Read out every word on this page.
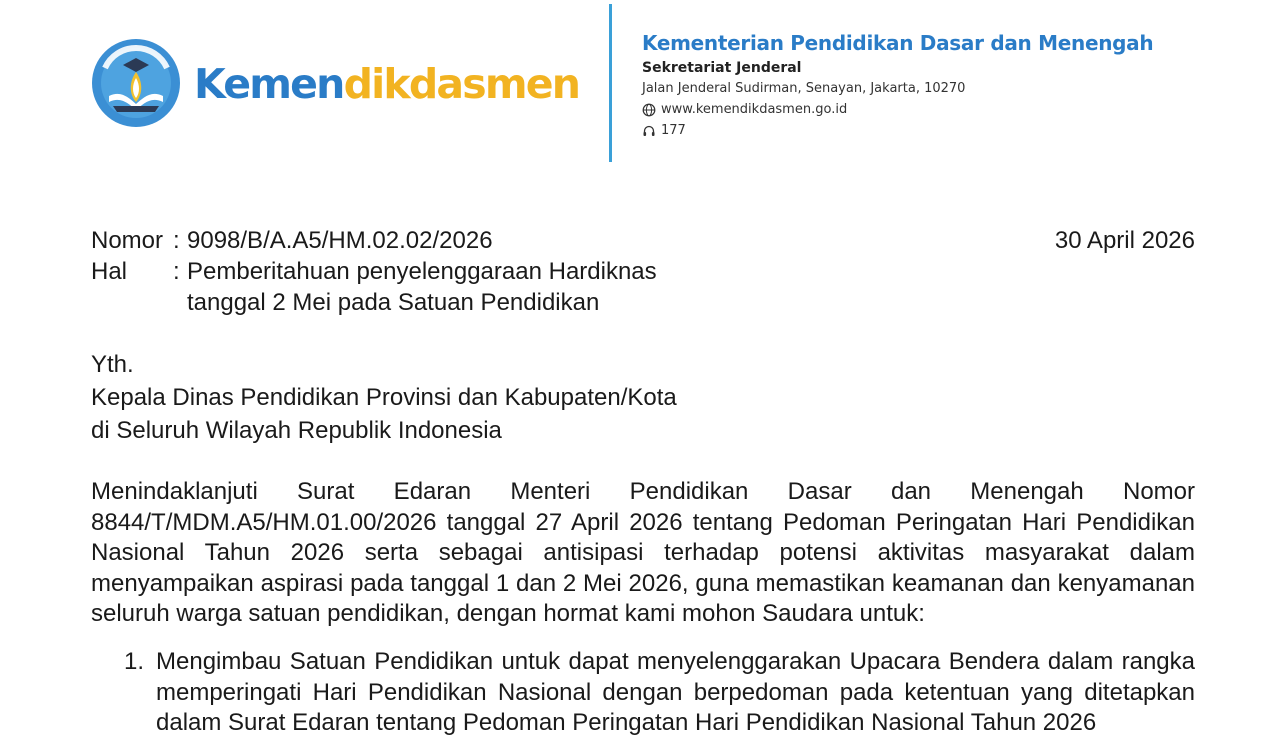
Kemendikdasmen
Kementerian Pendidikan Dasar dan Menengah
Sekretariat Jenderal
Jalan Jenderal Sudirman, Senayan, Jakarta, 10270
www.kemendikdasmen.go.id
177
Nomor : 9098/B/A.A5/HM.02.02/2026	30 April 2026
Hal : Pemberitahuan penyelenggaraan Hardiknas
tanggal 2 Mei pada Satuan Pendidikan
Yth.
Kepala Dinas Pendidikan Provinsi dan Kabupaten/Kota
di Seluruh Wilayah Republik Indonesia
Menindaklanjuti Surat Edaran Menteri Pendidikan Dasar dan Menengah Nomor 8844/T/MDM.A5/HM.01.00/2026 tanggal 27 April 2026 tentang Pedoman Peringatan Hari Pendidikan Nasional Tahun 2026 serta sebagai antisipasi terhadap potensi aktivitas masyarakat dalam menyampaikan aspirasi pada tanggal 1 dan 2 Mei 2026, guna memastikan keamanan dan kenyamanan seluruh warga satuan pendidikan, dengan hormat kami mohon Saudara untuk:
1. Mengimbau Satuan Pendidikan untuk dapat menyelenggarakan Upacara Bendera dalam rangka memperingati Hari Pendidikan Nasional dengan berpedoman pada ketentuan yang ditetapkan dalam Surat Edaran tentang Pedoman Peringatan Hari Pendidikan Nasional Tahun 2026
